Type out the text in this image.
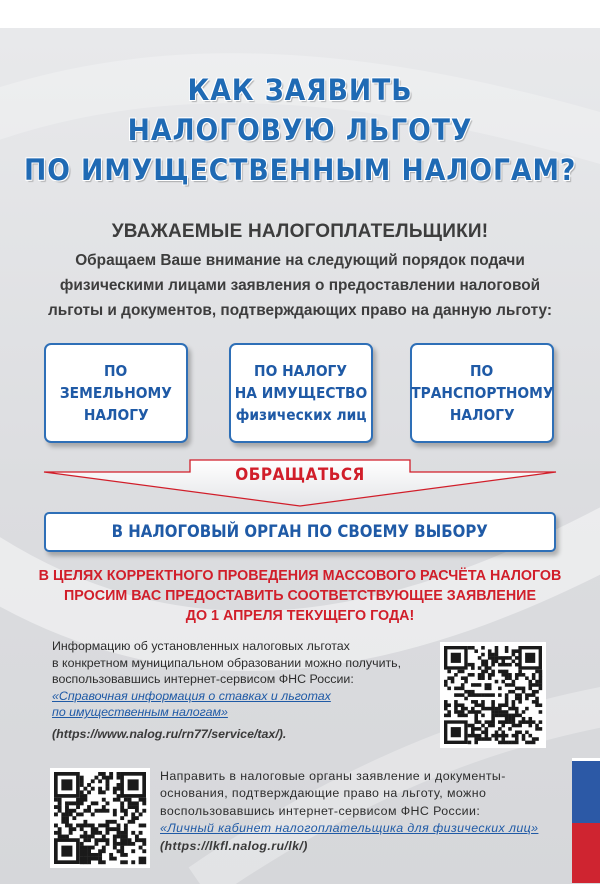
КАК ЗАЯВИТЬ
НАЛОГОВУЮ ЛЬГОТУ
ПО ИМУЩЕСТВЕННЫМ НАЛОГАМ?
УВАЖАЕМЫЕ НАЛОГОПЛАТЕЛЬЩИКИ!
Обращаем Ваше внимание на следующий порядок подачи
физическими лицами заявления о предоставлении налоговой
льготы и документов, подтверждающих право на данную льготу:
ПО
ЗЕМЕЛЬНОМУ
НАЛОГУ
ПО НАЛОГУ
НА ИМУЩЕСТВО
физических лиц
ПО
ТРАНСПОРТНОМУ
НАЛОГУ
ОБРАЩАТЬСЯ
В НАЛОГОВЫЙ ОРГАН ПО СВОЕМУ ВЫБОРУ
В ЦЕЛЯХ КОРРЕКТНОГО ПРОВЕДЕНИЯ МАССОВОГО РАСЧЁТА НАЛОГОВ
ПРОСИМ ВАС ПРЕДОСТАВИТЬ СООТВЕТСТВУЮЩЕЕ ЗАЯВЛЕНИЕ
ДО 1 АПРЕЛЯ ТЕКУЩЕГО ГОДА!
Информацию об установленных налоговых льготах
в конкретном муниципальном образовании можно получить,
воспользовавшись интернет-сервисом ФНС России:
«Справочная информация о ставках и льготах
по имущественным налогам»
(https://www.nalog.ru/rn77/service/tax/).
Направить в налоговые органы заявление и документы-
основания, подтверждающие право на льготу, можно
воспользовавшись интернет-сервисом ФНС России:
«Личный кабинет налогоплательщика для физических лиц»
(https://lkfl.nalog.ru/lk/)
